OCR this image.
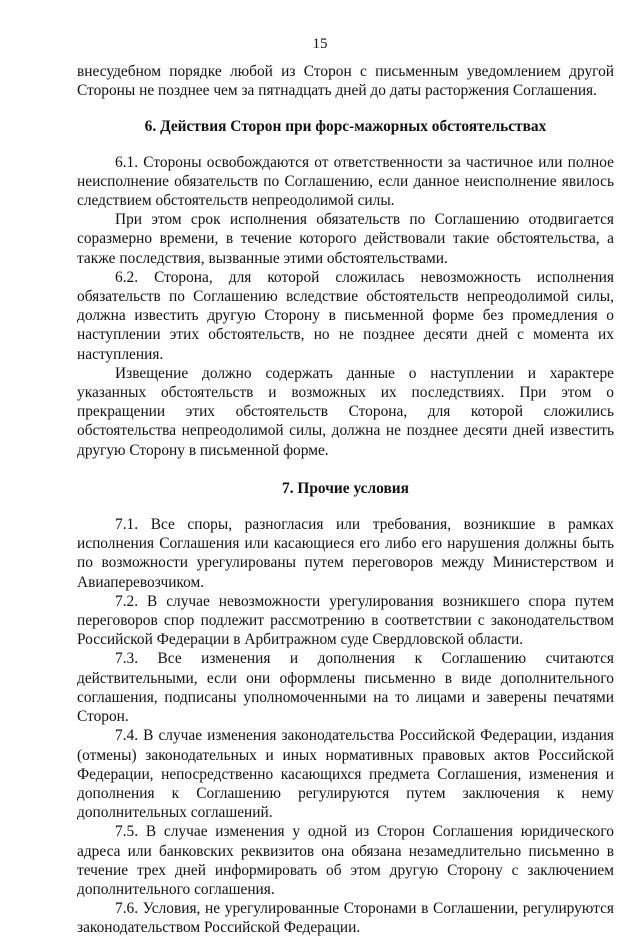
15

внесудебном порядке любой из Сторон с письменным уведомлением другой Стороны не позднее чем за пятнадцать дней до даты расторжения Соглашения.

6. Действия Сторон при форс-мажорных обстоятельствах

6.1. Стороны освобождаются от ответственности за частичное или полное неисполнение обязательств по Соглашению, если данное неисполнение явилось следствием обстоятельств непреодолимой силы.

При этом срок исполнения обязательств по Соглашению отодвигается соразмерно времени, в течение которого действовали такие обстоятельства, а также последствия, вызванные этими обстоятельствами.

6.2. Сторона, для которой сложилась невозможность исполнения обязательств по Соглашению вследствие обстоятельств непреодолимой силы, должна известить другую Сторону в письменной форме без промедления о наступлении этих обстоятельств, но не позднее десяти дней с момента их наступления.

Извещение должно содержать данные о наступлении и характере указанных обстоятельств и возможных их последствиях. При этом о прекращении этих обстоятельств Сторона, для которой сложились обстоятельства непреодолимой силы, должна не позднее десяти дней известить другую Сторону в письменной форме.

7. Прочие условия

7.1. Все споры, разногласия или требования, возникшие в рамках исполнения Соглашения или касающиеся его либо его нарушения должны быть по возможности урегулированы путем переговоров между Министерством и Авиаперевозчиком.

7.2. В случае невозможности урегулирования возникшего спора путем переговоров спор подлежит рассмотрению в соответствии с законодательством Российской Федерации в Арбитражном суде Свердловской области.

7.3. Все изменения и дополнения к Соглашению считаются действительными, если они оформлены письменно в виде дополнительного соглашения, подписаны уполномоченными на то лицами и заверены печатями Сторон.

7.4. В случае изменения законодательства Российской Федерации, издания (отмены) законодательных и иных нормативных правовых актов Российской Федерации, непосредственно касающихся предмета Соглашения, изменения и дополнения к Соглашению регулируются путем заключения к нему дополнительных соглашений.

7.5. В случае изменения у одной из Сторон Соглашения юридического адреса или банковских реквизитов она обязана незамедлительно письменно в течение трех дней информировать об этом другую Сторону с заключением дополнительного соглашения.

7.6. Условия, не урегулированные Сторонами в Соглашении, регулируются законодательством Российской Федерации.
